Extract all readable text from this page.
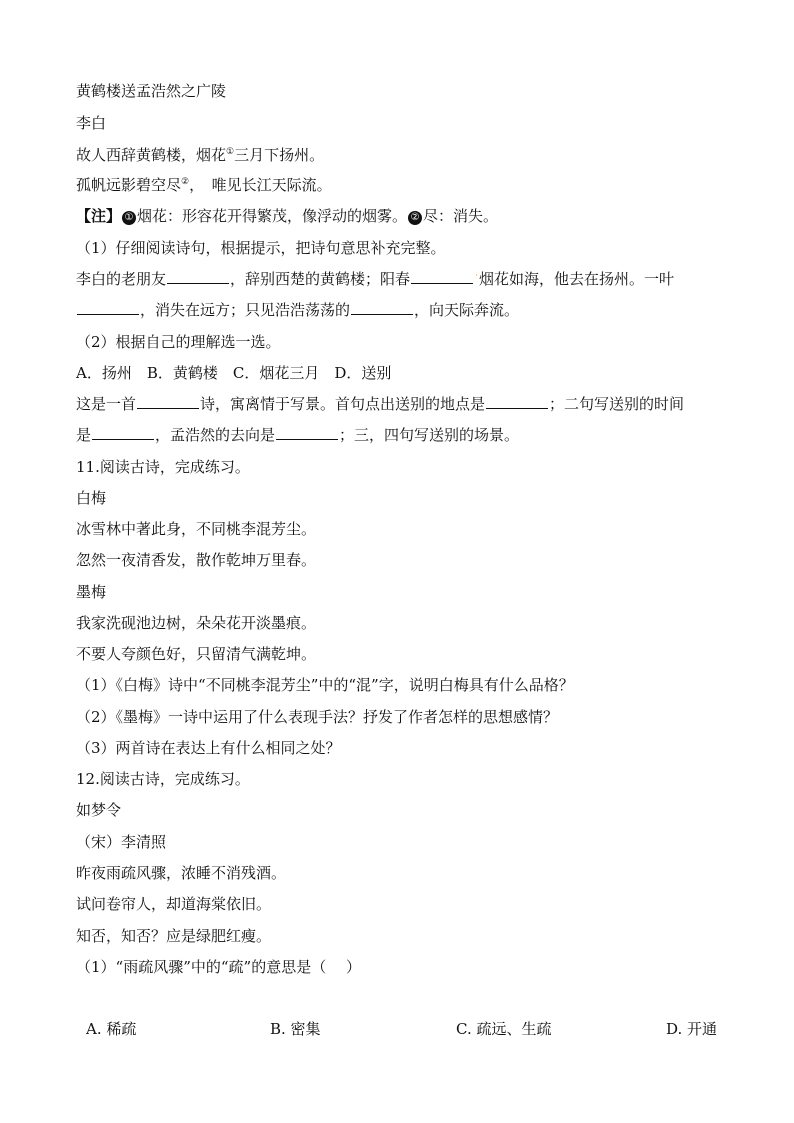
黄鹤楼送孟浩然之广陵
李白
故人西辞黄鹤楼，烟花①三月下扬州。
孤帆远影碧空尽②，　唯见长江天际流。
【注】 ① 烟花：形容花开得繁茂，像浮动的烟雾。 ② 尽：消失。
（1）仔细阅读诗句，根据提示，把诗句意思补充完整。
李白的老朋友	，辞别西楚的黄鹤楼；阳春	˙烟花如海，他去在扬州。一叶
，消失在远方；只见浩浩荡荡的	，向天际奔流。
（2）根据自己的理解选一选。
A．扬州　B．黄鹤楼　C．烟花三月　D．送别
这是一首	诗，寓离情于写景。首句点出送别的地点是	；二句写送别的时间
是	，孟浩然的去向是	；三，四句写送别的场景。
11.阅读古诗，完成练习。
白梅
冰雪林中著此身，不同桃李混芳尘。
忽然一夜清香发，散作乾坤万里春。
墨梅
我家洗砚池边树，朵朵花开淡墨痕。
不要人夸颜色好，只留清气满乾坤。
（1）《白梅》诗中“不同桃李混芳尘”中的“混”字，说明白梅具有什么品格？
（2）《墨梅》一诗中运用了什么表现手法？抒发了作者怎样的思想感情？
（3）两首诗在表达上有什么相同之处？
12.阅读古诗，完成练习。
如梦令
（宋）李清照
昨夜雨疏风骤，浓睡不消残酒。
试问卷帘人，却道海棠依旧。
知否，知否？应是绿肥红瘦。
（1）“雨疏风骤”中的“疏”的意思是（　 ）
A. 稀疏	B. 密集	C. 疏远、生疏	D. 开通
